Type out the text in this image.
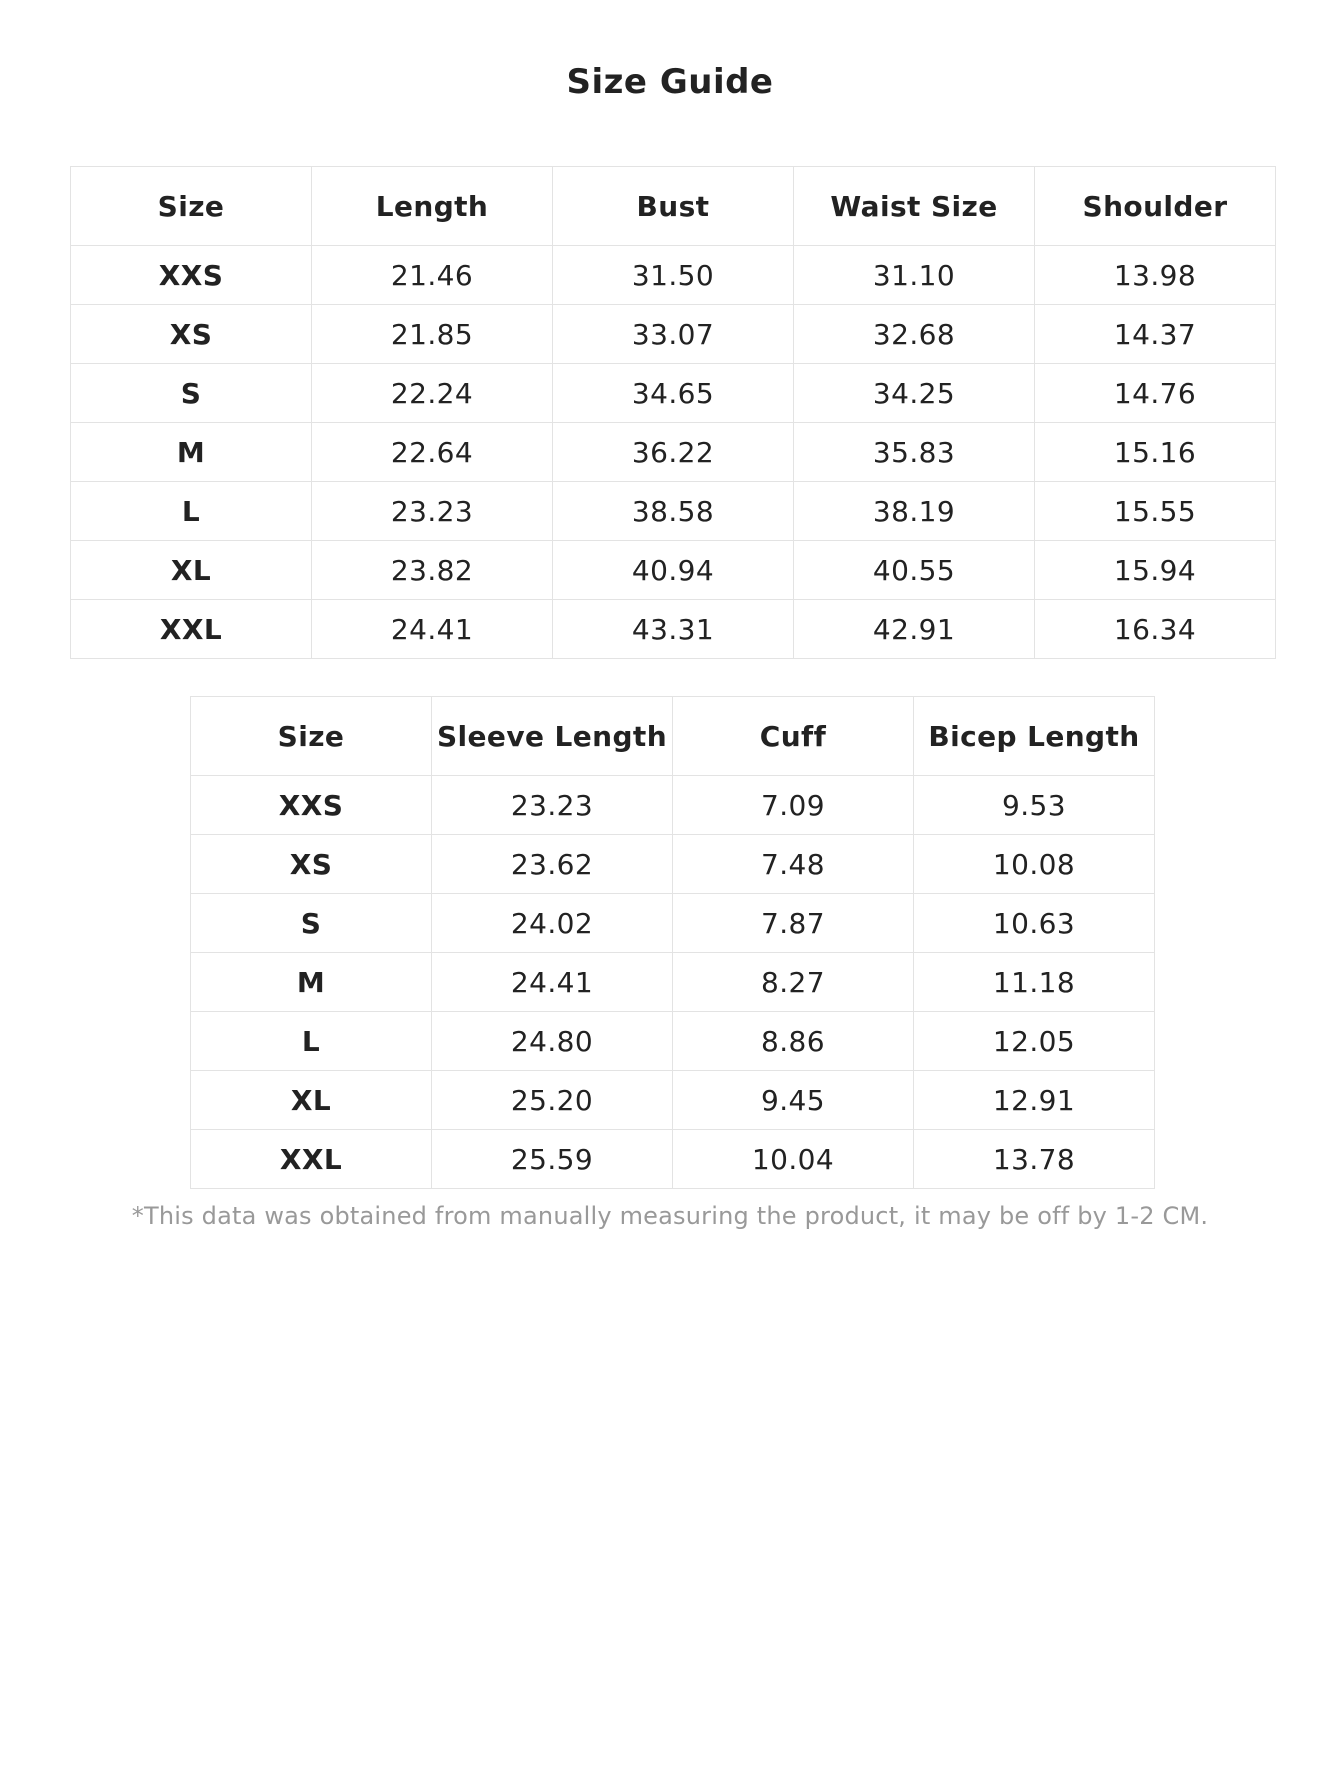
Size Guide
Size	Length	Bust	Waist Size	Shoulder
XXS	21.46	31.50	31.10	13.98
XS	21.85	33.07	32.68	14.37
S	22.24	34.65	34.25	14.76
M	22.64	36.22	35.83	15.16
L	23.23	38.58	38.19	15.55
XL	23.82	40.94	40.55	15.94
XXL	24.41	43.31	42.91	16.34
Size	Sleeve Length	Cuff	Bicep Length
XXS	23.23	7.09	9.53
XS	23.62	7.48	10.08
S	24.02	7.87	10.63
M	24.41	8.27	11.18
L	24.80	8.86	12.05
XL	25.20	9.45	12.91
XXL	25.59	10.04	13.78
*This data was obtained from manually measuring the product, it may be off by 1-2 CM.
